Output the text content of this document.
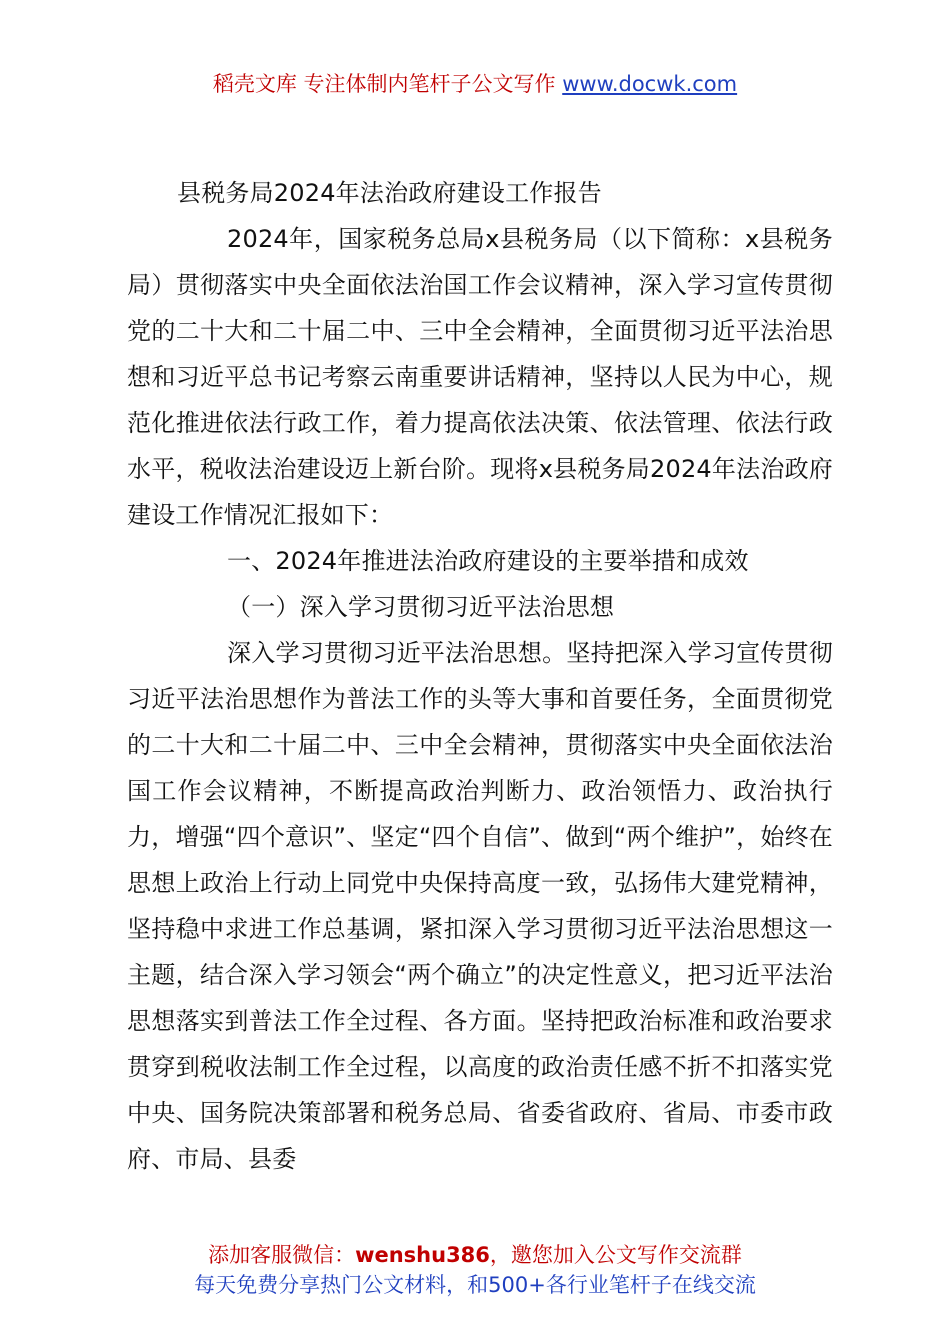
稻壳文库 专注体制内笔杆子公文写作 www.docwk.com

县税务局2024年法治政府建设工作报告

2024年，国家税务总局x县税务局（以下简称：x县税务局）贯彻落实中央全面依法治国工作会议精神，深入学习宣传贯彻党的二十大和二十届二中、三中全会精神，全面贯彻习近平法治思想和习近平总书记考察云南重要讲话精神，坚持以人民为中心，规范化推进依法行政工作，着力提高依法决策、依法管理、依法行政水平，税收法治建设迈上新台阶。现将x县税务局2024年法治政府建设工作情况汇报如下：

一、2024年推进法治政府建设的主要举措和成效

（一）深入学习贯彻习近平法治思想

深入学习贯彻习近平法治思想。坚持把深入学习宣传贯彻习近平法治思想作为普法工作的头等大事和首要任务，全面贯彻党的二十大和二十届二中、三中全会精神，贯彻落实中央全面依法治国工作会议精神，不断提高政治判断力、政治领悟力、政治执行力，增强“四个意识”、坚定“四个自信”、做到“两个维护”，始终在思想上政治上行动上同党中央保持高度一致，弘扬伟大建党精神，坚持稳中求进工作总基调，紧扣深入学习贯彻习近平法治思想这一主题，结合深入学习领会“两个确立”的决定性意义，把习近平法治思想落实到普法工作全过程、各方面。坚持把政治标准和政治要求贯穿到税收法制工作全过程，以高度的政治责任感不折不扣落实党中央、国务院决策部署和税务总局、省委省政府、省局、市委市政府、市局、县委

添加客服微信：wenshu386，邀您加入公文写作交流群
每天免费分享热门公文材料，和500+各行业笔杆子在线交流
